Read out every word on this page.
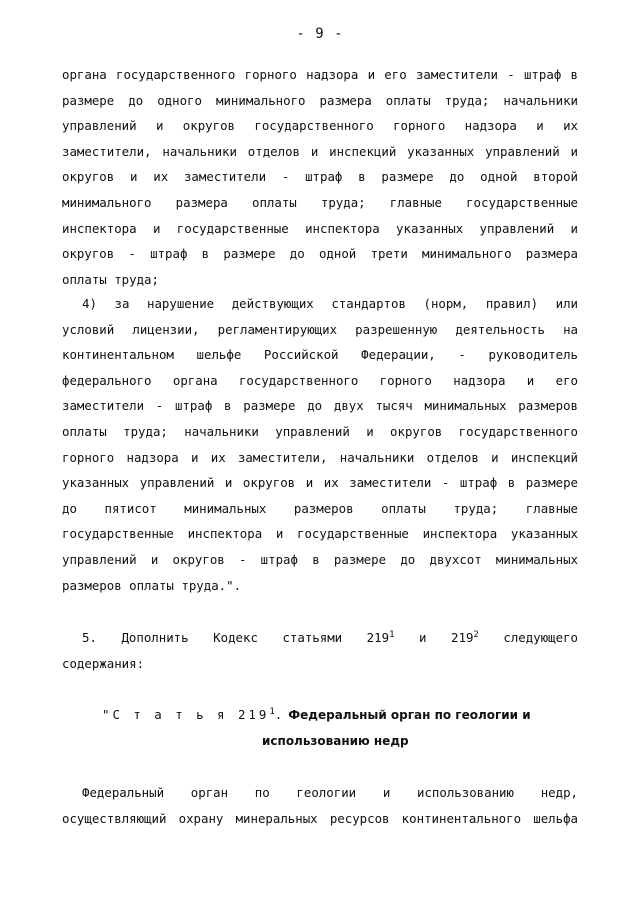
- 9 -
органа государственного горного надзора и его заместители - штраф в
размере до одного минимального размера оплаты труда; начальники
управлений и округов государственного горного надзора и их
заместители, начальники отделов и инспекций указанных управлений и
округов и их заместители - штраф в размере до одной второй
минимального размера оплаты труда; главные государственные
инспектора и государственные инспектора указанных управлений и
округов - штраф в размере до одной трети минимального размера
оплаты труда;
4) за нарушение действующих стандартов (норм, правил) или
условий лицензии, регламентирующих разрешенную деятельность на
континентальном шельфе Российской Федерации, - руководитель
федерального органа государственного горного надзора и его
заместители - штраф в размере до двух тысяч минимальных размеров
оплаты труда; начальники управлений и округов государственного
горного надзора и их заместители, начальники отделов и инспекций
указанных управлений и округов и их заместители - штраф в размере
до пятисот минимальных размеров оплаты труда; главные
государственные инспектора и государственные инспектора указанных
управлений и округов - штраф в размере до двухсот минимальных
размеров оплаты труда.".
5. Дополнить Кодекс статьями $219^1$ и $219^2$ следующего
содержания:
"С т а т ь я $219^1$. Федеральный орган по геологии и
использованию недр
Федеральный орган по геологии и использованию недр,
осуществляющий охрану минеральных ресурсов континентального шельфа
